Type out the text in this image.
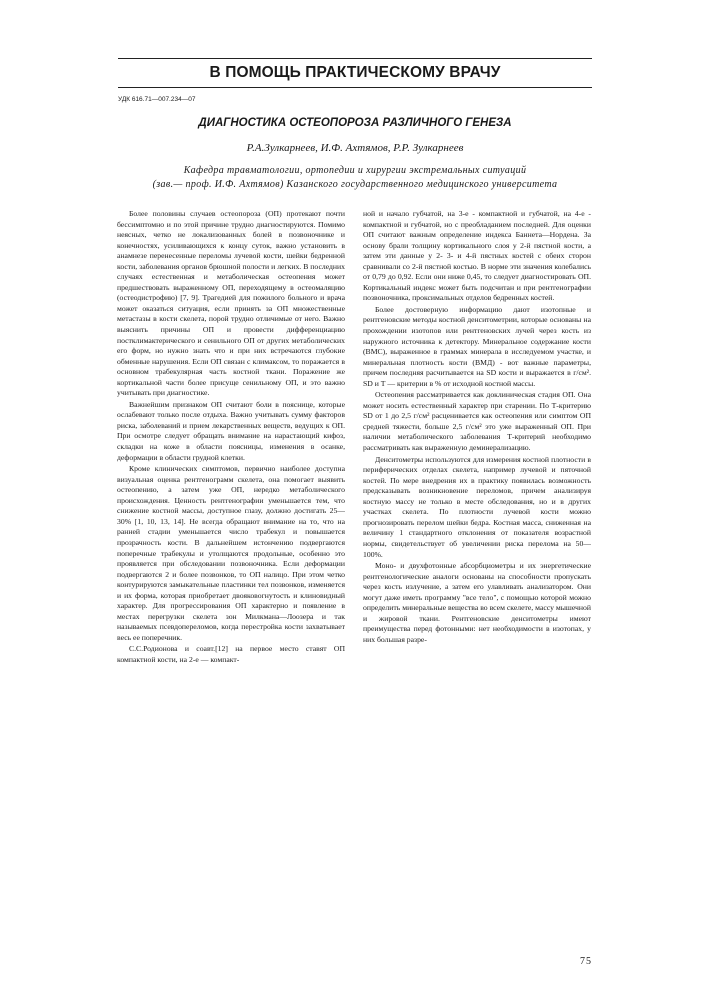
В ПОМОЩЬ ПРАКТИЧЕСКОМУ ВРАЧУ
УДК 616.71—007.234—07
ДИАГНОСТИКА ОСТЕОПОРОЗА РАЗЛИЧНОГО ГЕНЕЗА
Р.А.Зулкарнеев, И.Ф. Ахтямов, Р.Р. Зулкарнеев
Кафедра травматологии, ортопедии и хирургии экстремальных ситуаций
(зав.— проф. И.Ф. Ахтямов) Казанского государственного медицинского университета

Более половины случаев остеопороза (ОП) протекают почти бессимптомно и по этой причине трудно диагностируются. Помимо неясных, четко не локализованных болей в позвоночнике и конечностях, усиливающихся к концу суток, важно установить в анамнезе перенесенные переломы лучевой кости, шейки бедренной кости, заболевания органов брюшной полости и легких. В последних случаях естественная и метаболическая остеопения может предшествовать выраженному ОП, переходящему в остеомаляцию (остеодистрофию) [7, 9]. Трагедией для пожилого больного и врача может оказаться ситуация, если принять за ОП множественные метастазы в кости скелета, порой трудно отличимые от него. Важно выяснить причины ОП и провести дифференциацию постклимактерического и сенильного ОП от других метаболических его форм, но нужно знать что и при них встречаются глубокие обменные нарушения. Если ОП связан с климаксом, то поражается в основном трабекулярная часть костной ткани. Поражение же кортикальной части более присуще сенильному ОП, и это важно учитывать при диагностике.

Важнейшим признаком ОП считают боли в пояснице, которые ослабевают только после отдыха. Важно учитывать сумму факторов риска, заболеваний и прием лекарственных веществ, ведущих к ОП. При осмотре следует обращать внимание на нарастающий кифоз, складки на коже в области поясницы, изменения в осанке, деформации в области грудной клетки.

Кроме клинических симптомов, первично наиболее доступна визуальная оценка рентгенограмм скелета, она помогает выявить остеопению, а затем уже ОП, нередко метаболического происхождения. Ценность рентгенографии уменьшается тем, что снижение костной массы, доступное глазу, должно достигать 25—30% [1, 10, 13, 14]. Не всегда обращают внимание на то, что на ранней стадии уменьшается число трабекул и повышается прозрачность кости. В дальнейшем истончению подвергаются поперечные трабекулы и утолщаются продольные, особенно это проявляется при обследовании позвоночника. Если деформации подвергаются 2 и более позвонков, то ОП налицо. При этом четко контурируются замыкательные пластинки тел позвонков, изменяется и их форма, которая приобретает двояковогнутость и клиновидный характер. Для прогрессирования ОП характерно и появление в местах перегрузки скелета зон Милкмана—Лоозера и так называемых псевдопереломов, когда перестройка кости захватывает весь ее поперечник.

С.С.Родионова и соавт.[12] на первое место ставят ОП компактной кости, на 2-е — компакт-

ной и начало губчатой, на 3-е - компактной и губчатой, на 4-е - компактной и губчатой, но с преобладанием последней. Для оценки ОП считают важным определение индекса Баннета—Нордена. За основу брали толщину кортикального слоя у 2-й пястной кости, а затем эти данные у 2- 3- и 4-й пястных костей с обеих сторон сравнивали со 2-й пястной костью. В норме эти значения колебались от 0,79 до 0,92. Если они ниже 0,45, то следует диагностировать ОП. Кортикальный индекс может быть подсчитан и при рентгенографии позвоночника, проксимальных отделов бедренных костей.

Более достоверную информацию дают изотопные и рентгеновские методы костной денситометрии, которые основаны на прохождении изотопов или рентгеновских лучей через кость из наружного источника к детектору. Минеральное содержание кости (ВМС), выраженное в граммах минерала в исследуемом участке, и минеральная плотность кости (ВМД) - вот важные параметры, причем последняя расчитывается на SD кости и выражается в г/см². SD и Т — критерии в % от исходной костной массы.

Остеопения рассматривается как доклиническая стадия ОП. Она может носить естественный характер при старении. По Т-критерию SD от 1 до 2,5 г/см² расценивается как остеопения или симптом ОП средней тяжести, больше 2,5 г/см² это уже выраженный ОП. При наличии метаболического заболевания Т-критерий необходимо рассматривать как выраженную деминерализацию.

Денситометры используются для измерения костной плотности в периферических отделах скелета, например лучевой и пяточной костей. По мере внедрения их в практику появилась возможность предсказывать возникновение переломов, причем анализируя костную массу не только в месте обследования, но и в других участках скелета. По плотности лучевой кости можно прогнозировать перелом шейки бедра. Костная масса, сниженная на величину 1 стандартного отклонения от показателя возрастной нормы, свидетельствует об увеличении риска перелома на 50—100%.

Моно- и двухфотонные абсорбциометры и их энергетические рентгенологические аналоги основаны на способности пропускать через кость излучение, а затем его улавливать анализатором. Они могут даже иметь программу "все тело", с помощью которой можно определить минеральные вещества во всем скелете, массу мышечной и жировой ткани. Рентгеновские денситометры имеют преимущества перед фотонными: нет необходимости в изотопах, у них большая разре-

75
